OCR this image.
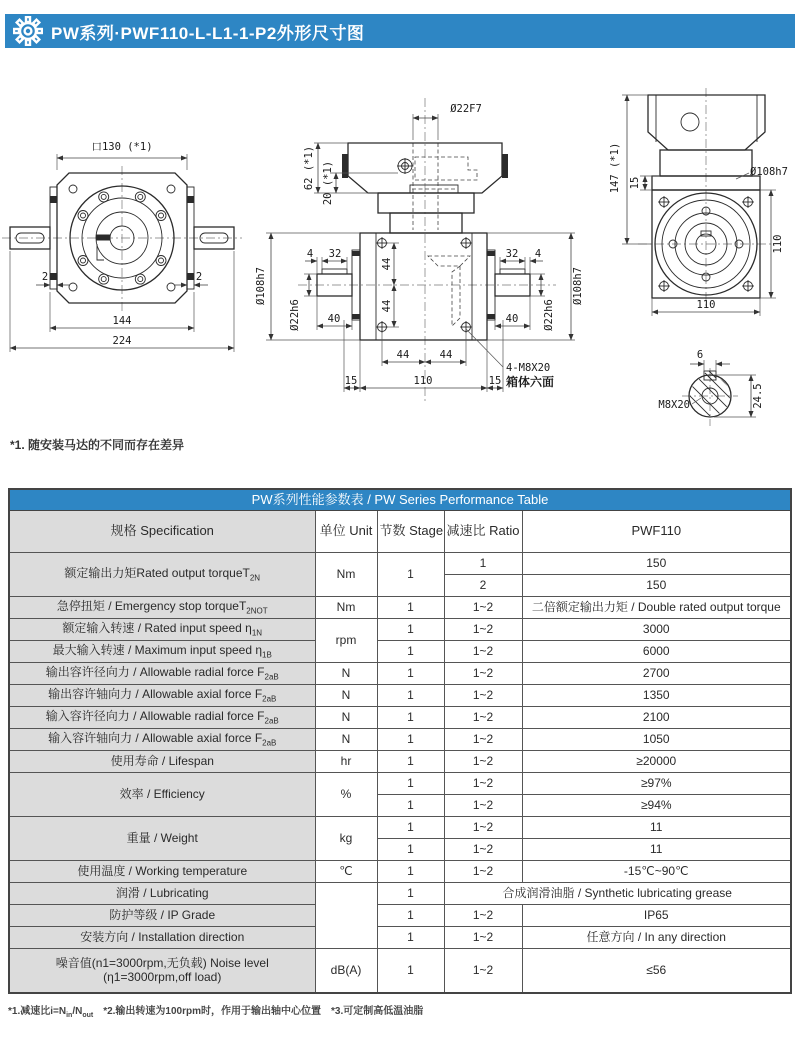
PW系列·PWF110-L-L1-1-P2外形尺寸图
口130 (*1)
2	2
144
224
Ø22F7
62 (*1) 20 (*1)
Ø108h7
4 32	32 4
44
44
Ø22h6	40	Ø22h6
40
Ø108h7
44	44
15	110	15
4-M8X20
箱体六面
147 (*1) 15
Ø108h7
110
110
6
24.5
M8X20
*1. 随安装马达的不同而存在差异
PW系列性能参数表 / PW Series Performance Table				
规格 Specification	单位 Unit	节数 Stage	减速比 Ratio	PWF110
额定输出力矩Rated output torqueT$_{2N}$	Nm	1	1	150
			2	150
急停扭矩 / Emergency stop torqueT$_{2NOT}$	Nm	1	1~2	二倍额定输出力矩 / Double rated output torque
额定输入转速 / Rated input speed $\eta_{1N}$	rpm	1	1~2	3000
最大输入转速 / Maximum input speed $\eta_{1B}$		1	1~2	6000
输出容许径向力 / Allowable radial force $F_{2aB}$	N	1	1~2	2700
输出容许轴向力 / Allowable axial force $F_{2aB}$	N	1	1~2	1350
输入容许径向力 / Allowable radial force $F_{2aB}$	N	1	1~2	2100
输入容许轴向力 / Allowable axial force $F_{2aB}$	N	1	1~2	1050
使用寿命 / Lifespan	hr	1	1~2	≥20000
效率 / Efficiency	%	1	1~2	≥97%
		1	1~2	≥94%
重量 / Weight	kg	1	1~2	11
		1	1~2	11
使用温度 / Working temperature	℃	1	1~2	-15℃~90℃
润滑 / Lubricating		1	合成润滑油脂 / Synthetic lubricating grease	
防护等级 / IP Grade		1	1~2	IP65
安装方向 / Installation direction		1	1~2	任意方向 / In any direction
噪音值(n1=3000rpm,无负载) Noise level
(η1=3000rpm,off load)	dB(A)	1	1~2	≤56
*1.减速比$i=N_{in}/N_{out}$　*2.输出转速为100rpm时，作用于输出轴中心位置　*3.可定制高低温油脂
